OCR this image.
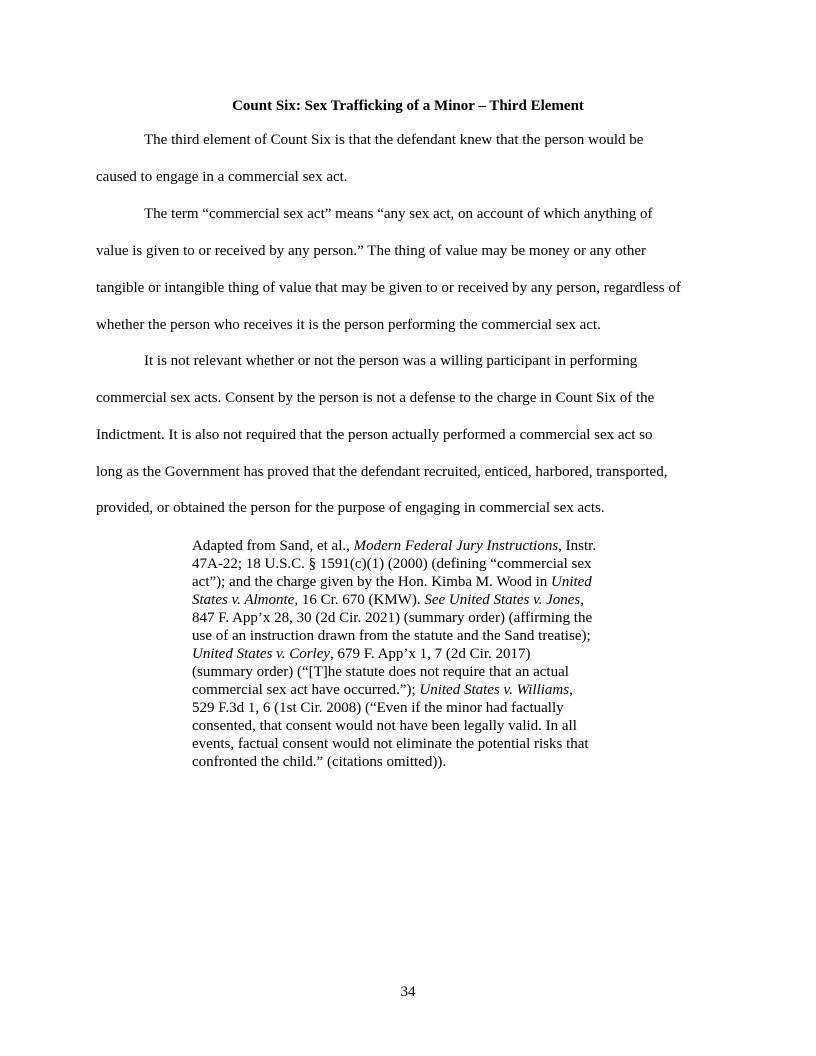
Count Six: Sex Trafficking of a Minor – Third Element

The third element of Count Six is that the defendant knew that the person would be

caused to engage in a commercial sex act.

The term “commercial sex act” means “any sex act, on account of which anything of

value is given to or received by any person.” The thing of value may be money or any other

tangible or intangible thing of value that may be given to or received by any person, regardless of

whether the person who receives it is the person performing the commercial sex act.

It is not relevant whether or not the person was a willing participant in performing

commercial sex acts. Consent by the person is not a defense to the charge in Count Six of the

Indictment. It is also not required that the person actually performed a commercial sex act so

long as the Government has proved that the defendant recruited, enticed, harbored, transported,

provided, or obtained the person for the purpose of engaging in commercial sex acts.

Adapted from Sand, et al., Modern Federal Jury Instructions, Instr.
47A-22; 18 U.S.C. § 1591(c)(1) (2000) (defining “commercial sex
act”); and the charge given by the Hon. Kimba M. Wood in United
States v. Almonte, 16 Cr. 670 (KMW). See United States v. Jones,
847 F. App’x 28, 30 (2d Cir. 2021) (summary order) (affirming the
use of an instruction drawn from the statute and the Sand treatise);
United States v. Corley, 679 F. App’x 1, 7 (2d Cir. 2017)
(summary order) (“[T]he statute does not require that an actual
commercial sex act have occurred.”); United States v. Williams,
529 F.3d 1, 6 (1st Cir. 2008) (“Even if the minor had factually
consented, that consent would not have been legally valid. In all
events, factual consent would not eliminate the potential risks that
confronted the child.” (citations omitted)).

34
